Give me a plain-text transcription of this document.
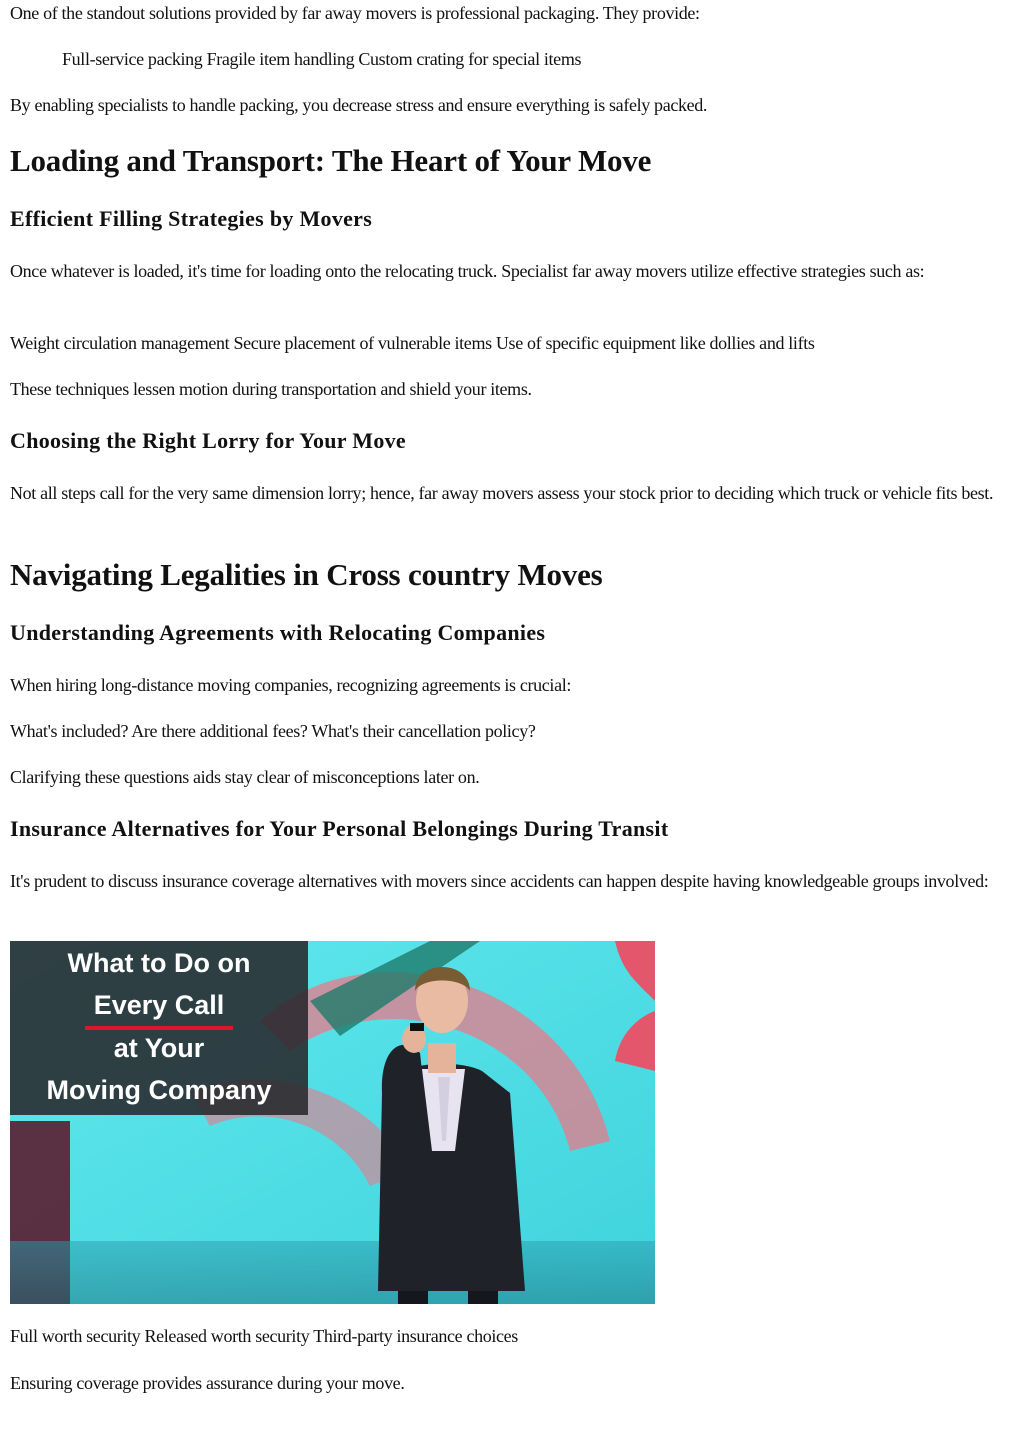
One of the standout solutions provided by far away movers is professional packaging. They provide:

Full-service packing Fragile item handling Custom crating for special items

By enabling specialists to handle packing, you decrease stress and ensure everything is safely packed.

Loading and Transport: The Heart of Your Move
Efficient Filling Strategies by Movers

Once whatever is loaded, it's time for loading onto the relocating truck. Specialist far away movers utilize effective strategies such as:

Weight circulation management Secure placement of vulnerable items Use of specific equipment like dollies and lifts

These techniques lessen motion during transportation and shield your items.

Choosing the Right Lorry for Your Move

Not all steps call for the very same dimension lorry; hence, far away movers assess your stock prior to deciding which truck or vehicle fits best.

Navigating Legalities in Cross country Moves
Understanding Agreements with Relocating Companies

When hiring long-distance moving companies, recognizing agreements is crucial:

What's included? Are there additional fees? What's their cancellation policy?

Clarifying these questions aids stay clear of misconceptions later on.

Insurance Alternatives for Your Personal Belongings During Transit

It's prudent to discuss insurance coverage alternatives with movers since accidents can happen despite having knowledgeable groups involved:

What to Do on
Every Call
at Your
Moving Company

Full worth security Released worth security Third-party insurance choices

Ensuring coverage provides assurance during your move.
